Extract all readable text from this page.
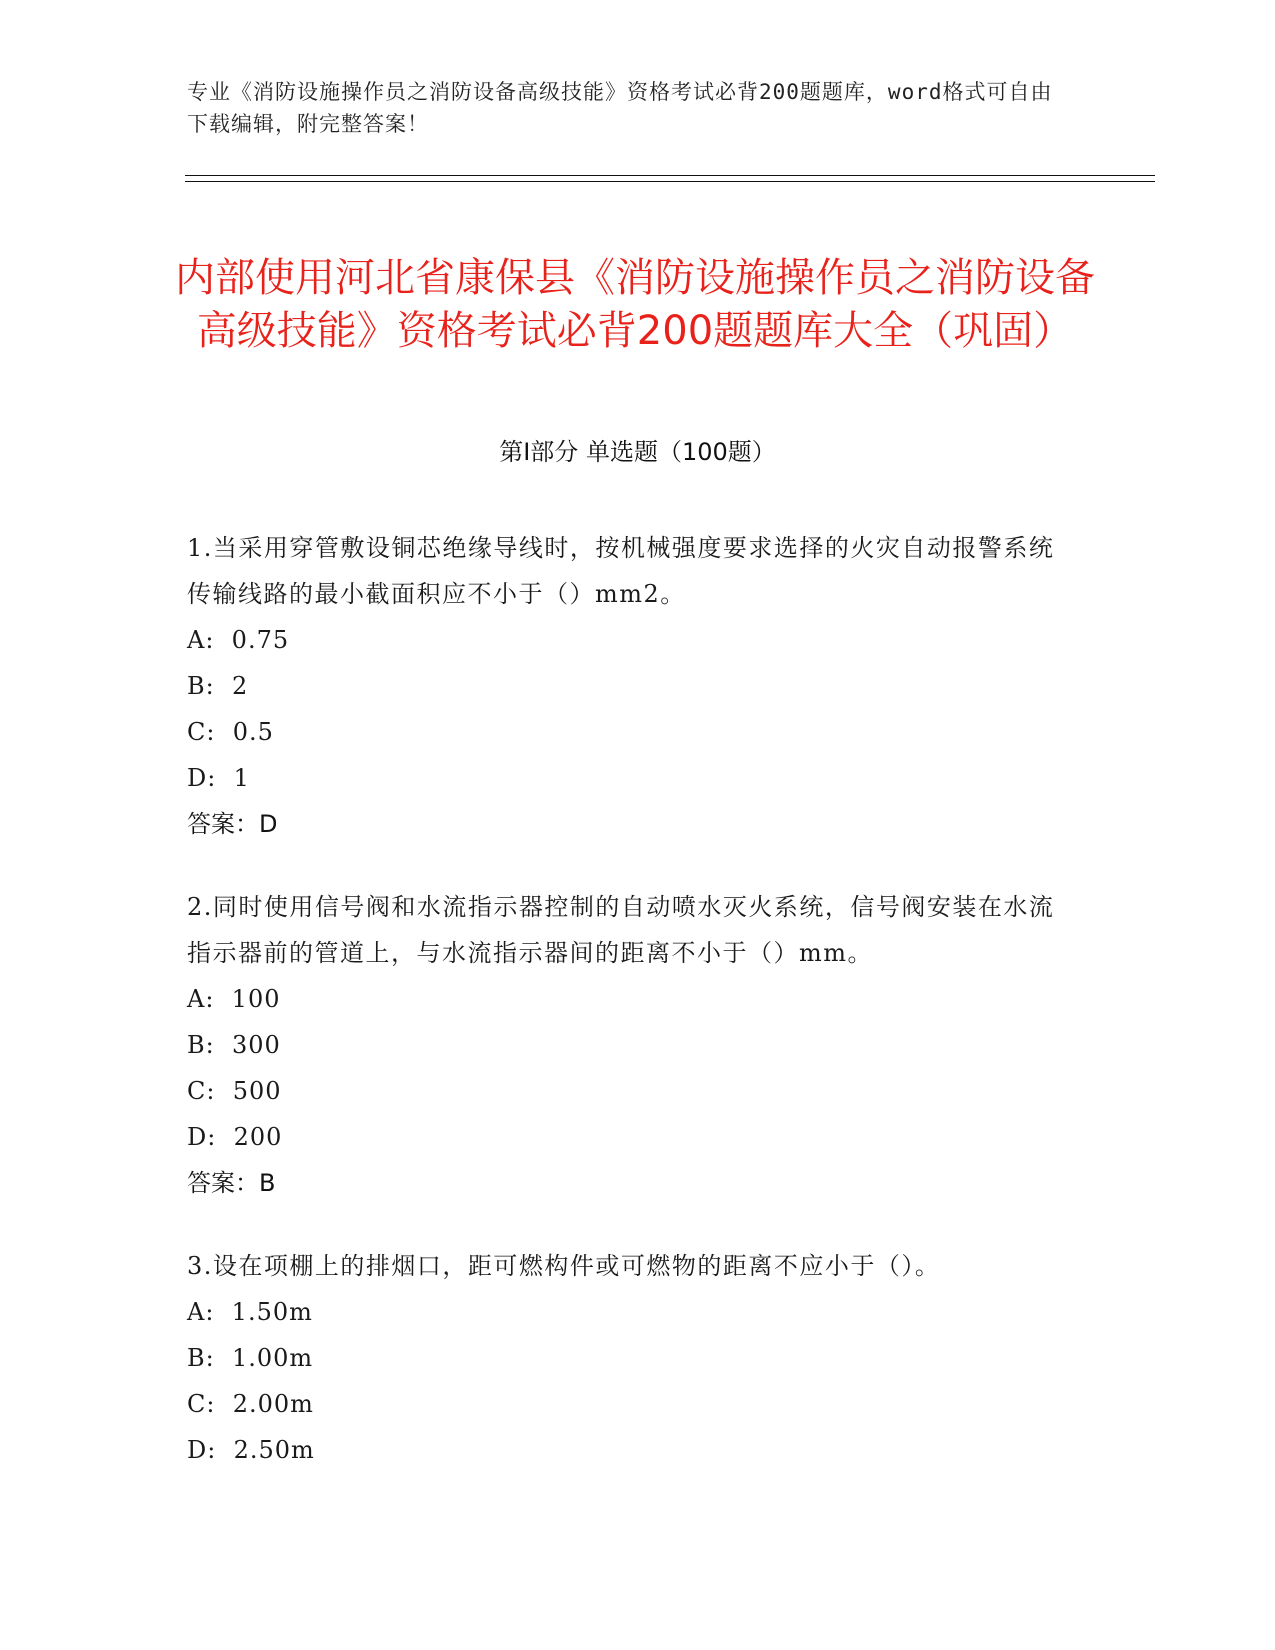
专业《消防设施操作员之消防设备高级技能》资格考试必背200题题库，word格式可自由下载编辑，附完整答案！
内部使用河北省康保县《消防设施操作员之消防设备高级技能》资格考试必背200题题库大全（巩固）
第Ⅰ部分 单选题（100题）
1.当采用穿管敷设铜芯绝缘导线时，按机械强度要求选择的火灾自动报警系统传输线路的最小截面积应不小于（）mm2。
A:  0.75
B:  2
C:  0.5
D:  1
答案：D
2.同时使用信号阀和水流指示器控制的自动喷水灭火系统，信号阀安装在水流指示器前的管道上，与水流指示器间的距离不小于（）mm。
A:  100
B:  300
C:  500
D:  200
答案：B
3.设在项棚上的排烟口，距可燃构件或可燃物的距离不应小于（）。
A:  1.50m
B:  1.00m
C:  2.00m
D:  2.50m
